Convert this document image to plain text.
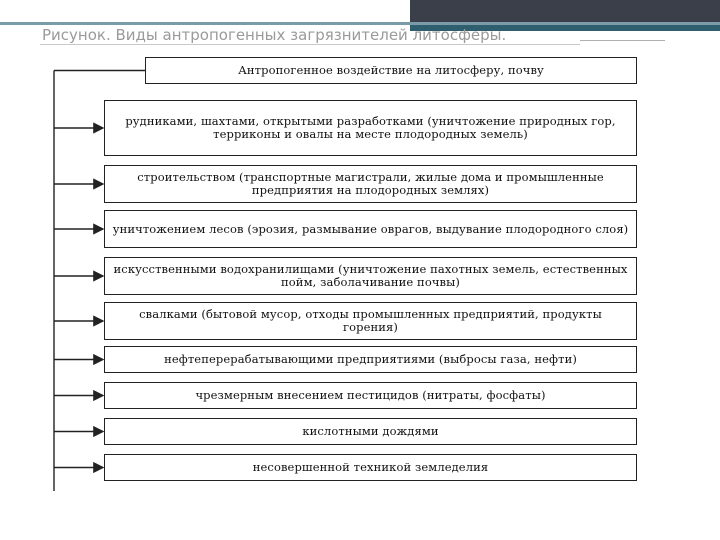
Рисунок. Виды антропогенных загрязнителей литосферы.
Антропогенное воздействие на литосферу, почву
рудниками, шахтами, открытыми разработками (уничтожение природных гор, терриконы и овалы на месте плодородных земель)
строительством (транспортные магистрали, жилые дома и промышленные предприятия на плодородных землях)
уничтожением лесов (эрозия, размывание оврагов, выдувание плодородного слоя)
искусственными водохранилищами (уничтожение пахотных земель, естественных пойм, заболачивание почвы)
свалками (бытовой мусор, отходы промышленных предприятий, продукты горения)
нефтеперерабатывающими предприятиями (выбросы газа, нефти)
чрезмерным внесением пестицидов (нитраты, фосфаты)
кислотными дождями
несовершенной техникой земледелия
